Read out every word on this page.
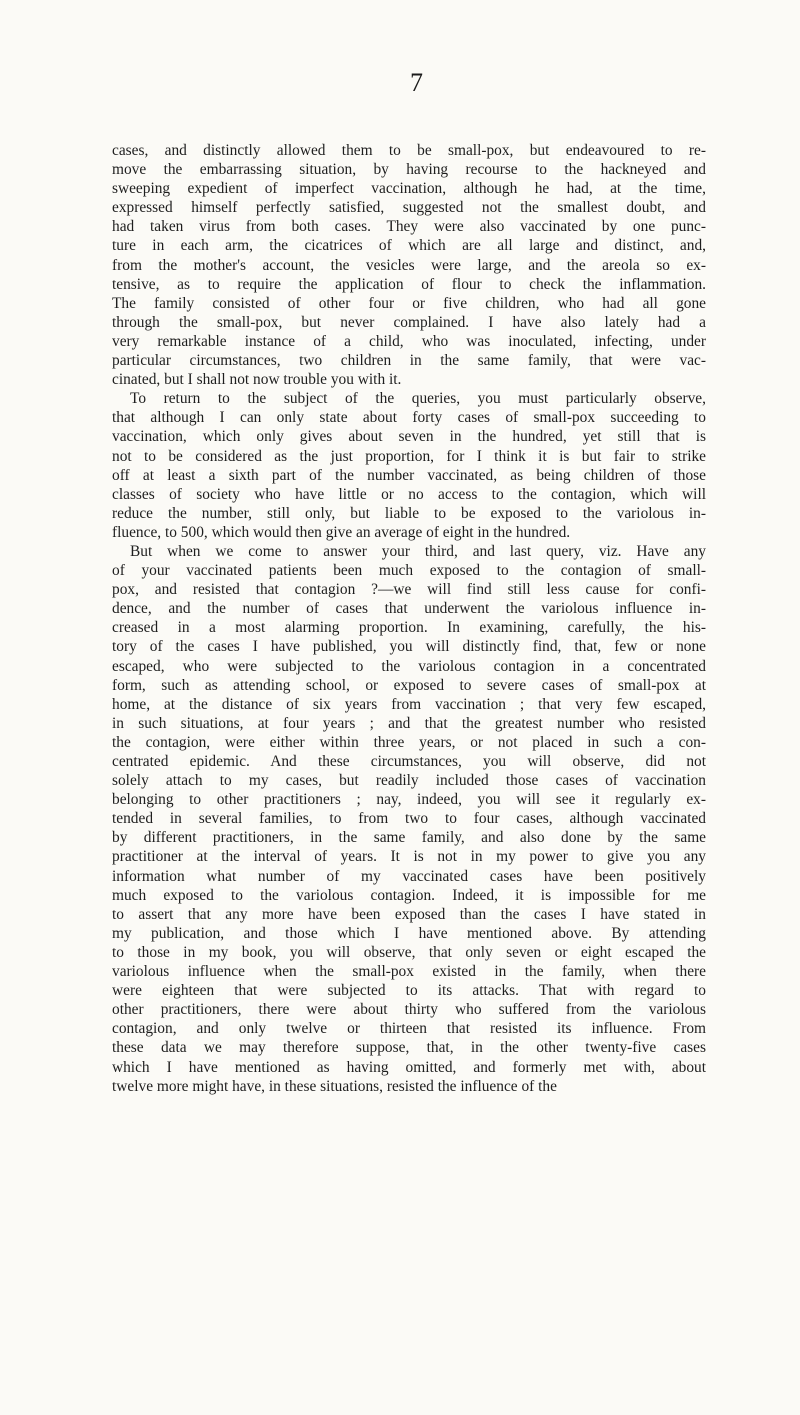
7
cases, and distinctly allowed them to be small-pox, but endeavoured to re-
move the embarrassing situation, by having recourse to the hackneyed and
sweeping expedient of imperfect vaccination, although he had, at the time,
expressed himself perfectly satisfied, suggested not the smallest doubt, and
had taken virus from both cases. They were also vaccinated by one punc-
ture in each arm, the cicatrices of which are all large and distinct, and,
from the mother's account, the vesicles were large, and the areola so ex-
tensive, as to require the application of flour to check the inflammation.
The family consisted of other four or five children, who had all gone
through the small-pox, but never complained. I have also lately had a
very remarkable instance of a child, who was inoculated, infecting, under
particular circumstances, two children in the same family, that were vac-
cinated, but I shall not now trouble you with it.
To return to the subject of the queries, you must particularly observe,
that although I can only state about forty cases of small-pox succeeding to
vaccination, which only gives about seven in the hundred, yet still that is
not to be considered as the just proportion, for I think it is but fair to strike
off at least a sixth part of the number vaccinated, as being children of those
classes of society who have little or no access to the contagion, which will
reduce the number, still only, but liable to be exposed to the variolous in-
fluence, to 500, which would then give an average of eight in the hundred.
But when we come to answer your third, and last query, viz. Have any
of your vaccinated patients been much exposed to the contagion of small-
pox, and resisted that contagion ?—we will find still less cause for confi-
dence, and the number of cases that underwent the variolous influence in-
creased in a most alarming proportion. In examining, carefully, the his-
tory of the cases I have published, you will distinctly find, that, few or none
escaped, who were subjected to the variolous contagion in a concentrated
form, such as attending school, or exposed to severe cases of small-pox at
home, at the distance of six years from vaccination ; that very few escaped,
in such situations, at four years ; and that the greatest number who resisted
the contagion, were either within three years, or not placed in such a con-
centrated epidemic. And these circumstances, you will observe, did not
solely attach to my cases, but readily included those cases of vaccination
belonging to other practitioners ; nay, indeed, you will see it regularly ex-
tended in several families, to from two to four cases, although vaccinated
by different practitioners, in the same family, and also done by the same
practitioner at the interval of years. It is not in my power to give you any
information what number of my vaccinated cases have been positively
much exposed to the variolous contagion. Indeed, it is impossible for me
to assert that any more have been exposed than the cases I have stated in
my publication, and those which I have mentioned above. By attending
to those in my book, you will observe, that only seven or eight escaped the
variolous influence when the small-pox existed in the family, when there
were eighteen that were subjected to its attacks. That with regard to
other practitioners, there were about thirty who suffered from the variolous
contagion, and only twelve or thirteen that resisted its influence. From
these data we may therefore suppose, that, in the other twenty-five cases
which I have mentioned as having omitted, and formerly met with, about
twelve more might have, in these situations, resisted the influence of the
